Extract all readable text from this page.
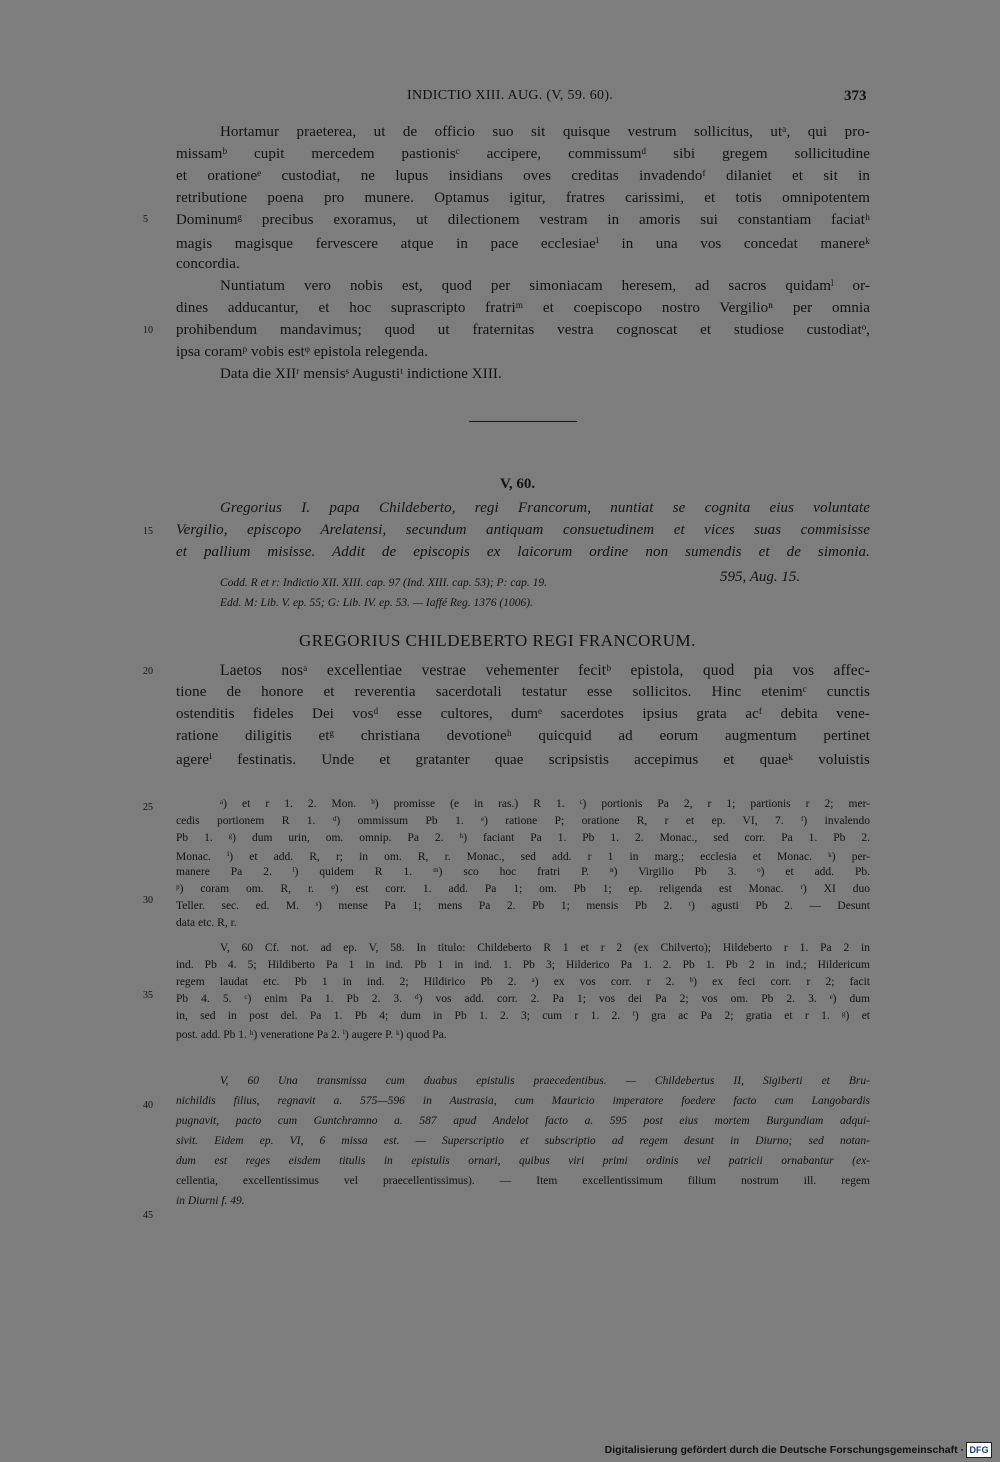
INDICTIO XIII. AUG. (V, 59. 60).	373
Hortamur praeterea, ut de officio suo sit quisque vestrum sollicitus, utᵃ, qui pro-
missamᵇ cupit mercedem pastionisᶜ accipere, commissumᵈ sibi gregem sollicitudine
et orationeᵉ custodiat, ne lupus insidians oves creditas invadendoᶠ dilaniet et sit in
retributione poena pro munere. Optamus igitur, fratres carissimi, et totis omnipotentem
Dominumᵍ precibus exoramus, ut dilectionem vestram in amoris sui constantiam faciatʰ
magis magisque fervescere atque in pace ecclesiaeⁱ in una vos concedat manereᵏ
concordia.
Nuntiatum vero nobis est, quod per simoniacam heresem, ad sacros quidamˡ or-
dines adducantur, et hoc suprascripto fratriᵐ et coepiscopo nostro Vergilioⁿ per omnia
prohibendum mandavimus; quod ut fraternitas vestra cognoscat et studiose custodiatᵒ,
ipsa coramᵖ vobis estᵠ epistola relegenda.
Data die XIIʳ mensisˢ Augustiᵗ indictione XIII.
V, 60.
Gregorius I. papa Childeberto, regi Francorum, nuntiat se cognita eius voluntate
Vergilio, episcopo Arelatensi, secundum antiquam consuetudinem et vices suas commisisse
et pallium misisse. Addit de episcopis ex laicorum ordine non sumendis et de simonia.
Codd. R et r: Indictio XII. XIII. cap. 97 (Ind. XIII. cap. 53); P: cap. 19.
Edd. M: Lib. V. ep. 55; G: Lib. IV. ep. 53. — Iaffé Reg. 1376 (1006).
595, Aug. 15.
GREGORIUS CHILDEBERTO REGI FRANCORUM.
Laetos nosᵃ excellentiae vestrae vehementer fecitᵇ epistola, quod pia vos affec-
tione de honore et reverentia sacerdotali testatur esse sollicitos. Hinc etenimᶜ cunctis
ostenditis fideles Dei vosᵈ esse cultores, dumᵉ sacerdotes ipsius grata acᶠ debita vene-
ratione diligitis etᵍ christiana devotioneʰ quicquid ad eorum augmentum pertinet
agereⁱ festinatis. Unde et gratanter quae scripsistis accepimus et quaeᵏ voluistis
ᵃ) et r 1. 2. Mon. ᵇ) promisse (e in ras.) R 1. ᶜ) portionis Pa 2, r 1; partionis r 2; mer-
cedis portionem R 1. ᵈ) ommissum Pb 1. ᵉ) ratione P; oratione R, r et ep. VI, 7. ᶠ) invalendo
Pb 1. ᵍ) dum urin, om. omnip. Pa 2. ʰ) faciant Pa 1. Pb 1. 2. Monac., sed corr. Pa 1. Pb 2.
Monac. ⁱ) et add. R, r; in om. R, r. Monac., sed add. r 1 in marg.; ecclesia et Monac. ᵏ) per-
manere Pa 2. ˡ) quidem R 1. ᵐ) sco hoc fratri P. ⁿ) Virgilio Pb 3. ᵒ) et add. Pb.
ᵖ) coram om. R, r. ᵠ) est corr. 1. add. Pa 1; om. Pb 1; ep. religenda est Monac. ʳ) XI duo
Teller. sec. ed. M. ˢ) mense Pa 1; mens Pa 2. Pb 1; mensis Pb 2. ᵗ) agusti Pb 2. — Desunt
data etc. R, r.
V, 60 Cf. not. ad ep. V, 58. In titulo: Childeberto R 1 et r 2 (ex Chilverto); Hildeberto r 1. Pa 2 in
ind. Pb 4. 5; Hildiberto Pa 1 in ind. Pb 1 in ind. 1. Pb 3; Hilderico Pa 1. 2. Pb 1. Pb 2 in ind.; Hildericum
regem laudat etc. Pb 1 in ind. 2; Hildirico Pb 2. ᵃ) ex vos corr. r 2. ᵇ) ex feci corr. r 2; facit
Pb 4. 5. ᶜ) enim Pa 1. Pb 2. 3. ᵈ) vos add. corr. 2. Pa 1; vos dei Pa 2; vos om. Pb 2. 3. ᵉ) dum
in, sed in post del. Pa 1. Pb 4; dum in Pb 1. 2. 3; cum r 1. 2. ᶠ) gra ac Pa 2; gratia et r 1. ᵍ) et
post. add. Pb 1. ʰ) veneratione Pa 2. ⁱ) augere P. ᵏ) quod Pa.
V, 60 Una transmissa cum duabus epistulis praecedentibus. — Childebertus II, Sigiberti et Bru-
nichildis filius, regnavit a. 575—596 in Austrasia, cum Mauricio imperatore foedere facto cum Langobardis
pugnavit, pacto cum Guntchramno a. 587 apud Andelot facto a. 595 post eius mortem Burgundiam adqui-
sivit. Eidem ep. VI, 6 missa est. — Superscriptio et subscriptio ad regem desunt in Diurno; sed notan-
dum est reges eisdem titulis in epistulis ornari, quibus viri primi ordinis vel patricii ornabantur (ex-
cellentia, excellentissimus vel praecellentissimus). — Item excellentissimum filium nostrum ill. regem
in Diurni f. 49.
5
10
15
20
25
30
35
40
45
Digitalisierung gefördert durch die Deutsche Forschungsgemeinschaft · DFG
